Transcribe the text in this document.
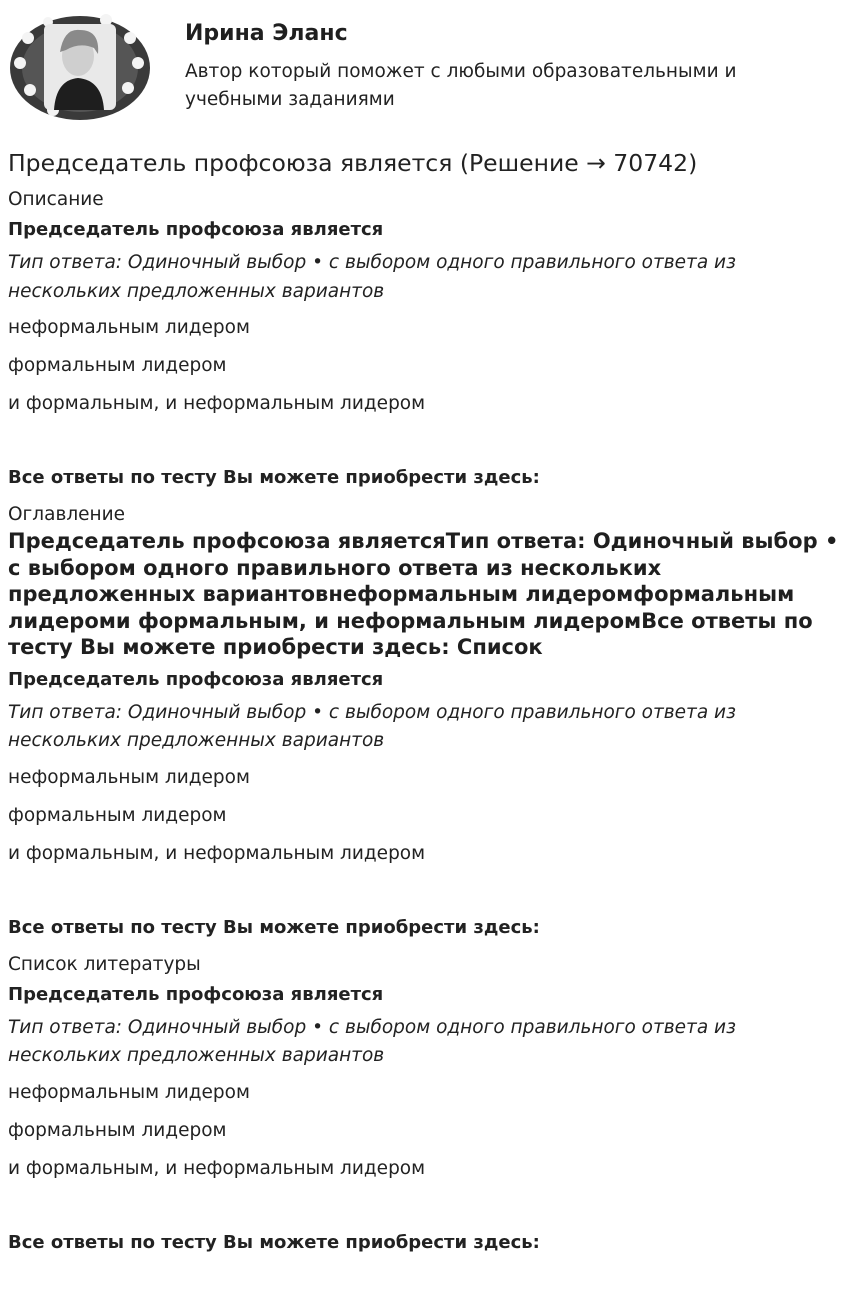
Ирина Эланс
Автор который поможет с любыми образовательными и учебными заданиями
Председатель профсоюза является (Решение → 70742)
Описание
Председатель профсоюза является
Тип ответа: Одиночный выбор • с выбором одного правильного ответа из нескольких предложенных вариантов
неформальным лидером
формальным лидером
и формальным, и неформальным лидером
Все ответы по тесту Вы можете приобрести здесь:
Оглавление
Председатель профсоюза являетсяТип ответа: Одиночный выбор • с выбором одного правильного ответа из нескольких предложенных вариантовнеформальным лидеромформальным лидероми формальным, и неформальным лидеромВсе ответы по тесту Вы можете приобрести здесь: Список
Председатель профсоюза является
Тип ответа: Одиночный выбор • с выбором одного правильного ответа из нескольких предложенных вариантов
неформальным лидером
формальным лидером
и формальным, и неформальным лидером
Все ответы по тесту Вы можете приобрести здесь:
Список литературы
Председатель профсоюза является
Тип ответа: Одиночный выбор • с выбором одного правильного ответа из нескольких предложенных вариантов
неформальным лидером
формальным лидером
и формальным, и неформальным лидером
Все ответы по тесту Вы можете приобрести здесь:
